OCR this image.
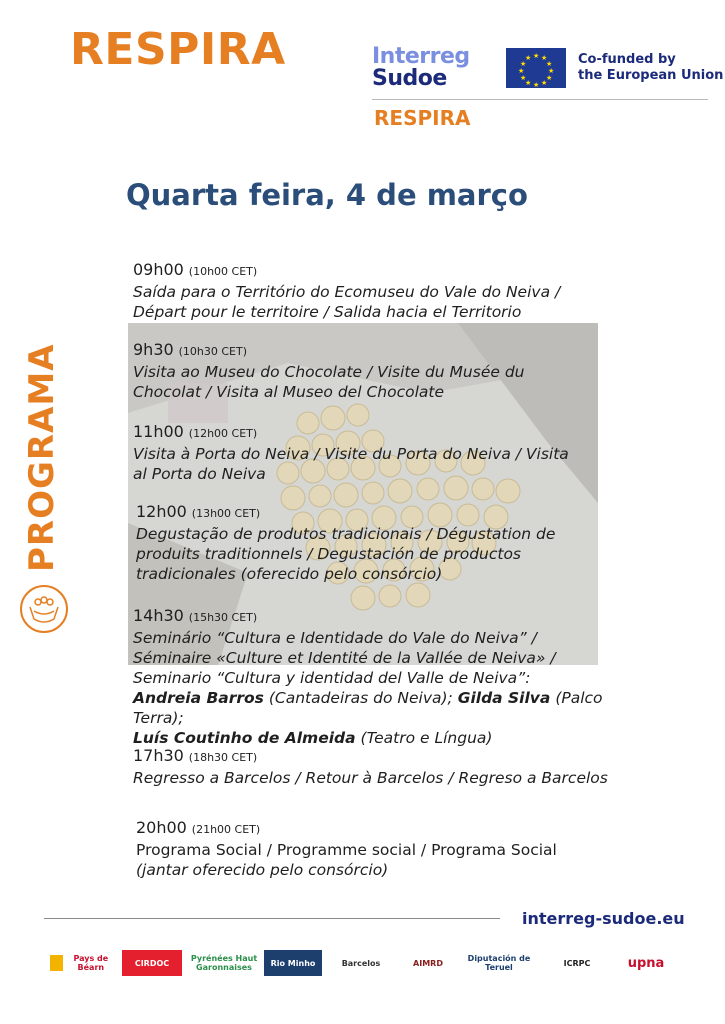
RESPIRA	Interreg
Sudoe
★ ★
★
★
★
★
★
★
★
★
★
★	Co-funded by
the European Union
RESPIRA
Quarta feira, 4 de março
PROGRAMA
09h00 (10h00 CET)
Saída para o Território do Ecomuseu do Vale do Neiva / Départ pour le territoire / Salida hacia el Territorio
9h30 (10h30 CET)
Visita ao Museu do Chocolate / Visite du Musée du Chocolat / Visita al Museo del Chocolate
11h00 (12h00 CET)
Visita à Porta do Neiva / Visite du Porta do Neiva / Visita al Porta do Neiva
12h00 (13h00 CET)
Degustação de produtos tradicionais / Dégustation de produits traditionnels / Degustación de productos tradicionales (oferecido pelo consórcio)
14h30 (15h30 CET)
Seminário “Cultura e Identidade do Vale do Neiva” / Séminaire «Culture et Identité de la Vallée de Neiva» / Seminario “Cultura y identidad del Valle de Neiva”:
Andreia Barros (Cantadeiras do Neiva); Gilda Silva (Palco Terra);
Luís Coutinho de Almeida (Teatro e Língua)
17h30 (18h30 CET)
Regresso a Barcelos / Retour à Barcelos / Regreso a Barcelos
20h00 (21h00 CET)
Programa Social / Programme social / Programa Social
(jantar oferecido pelo consórcio)
interreg-sudoe.eu
Pays de Béarn	CIRDOC	Pyrénées Haut Garonnaises	Rio Minho	Barcelos	AIMRD	Diputación de Teruel	ICRPC	upna
